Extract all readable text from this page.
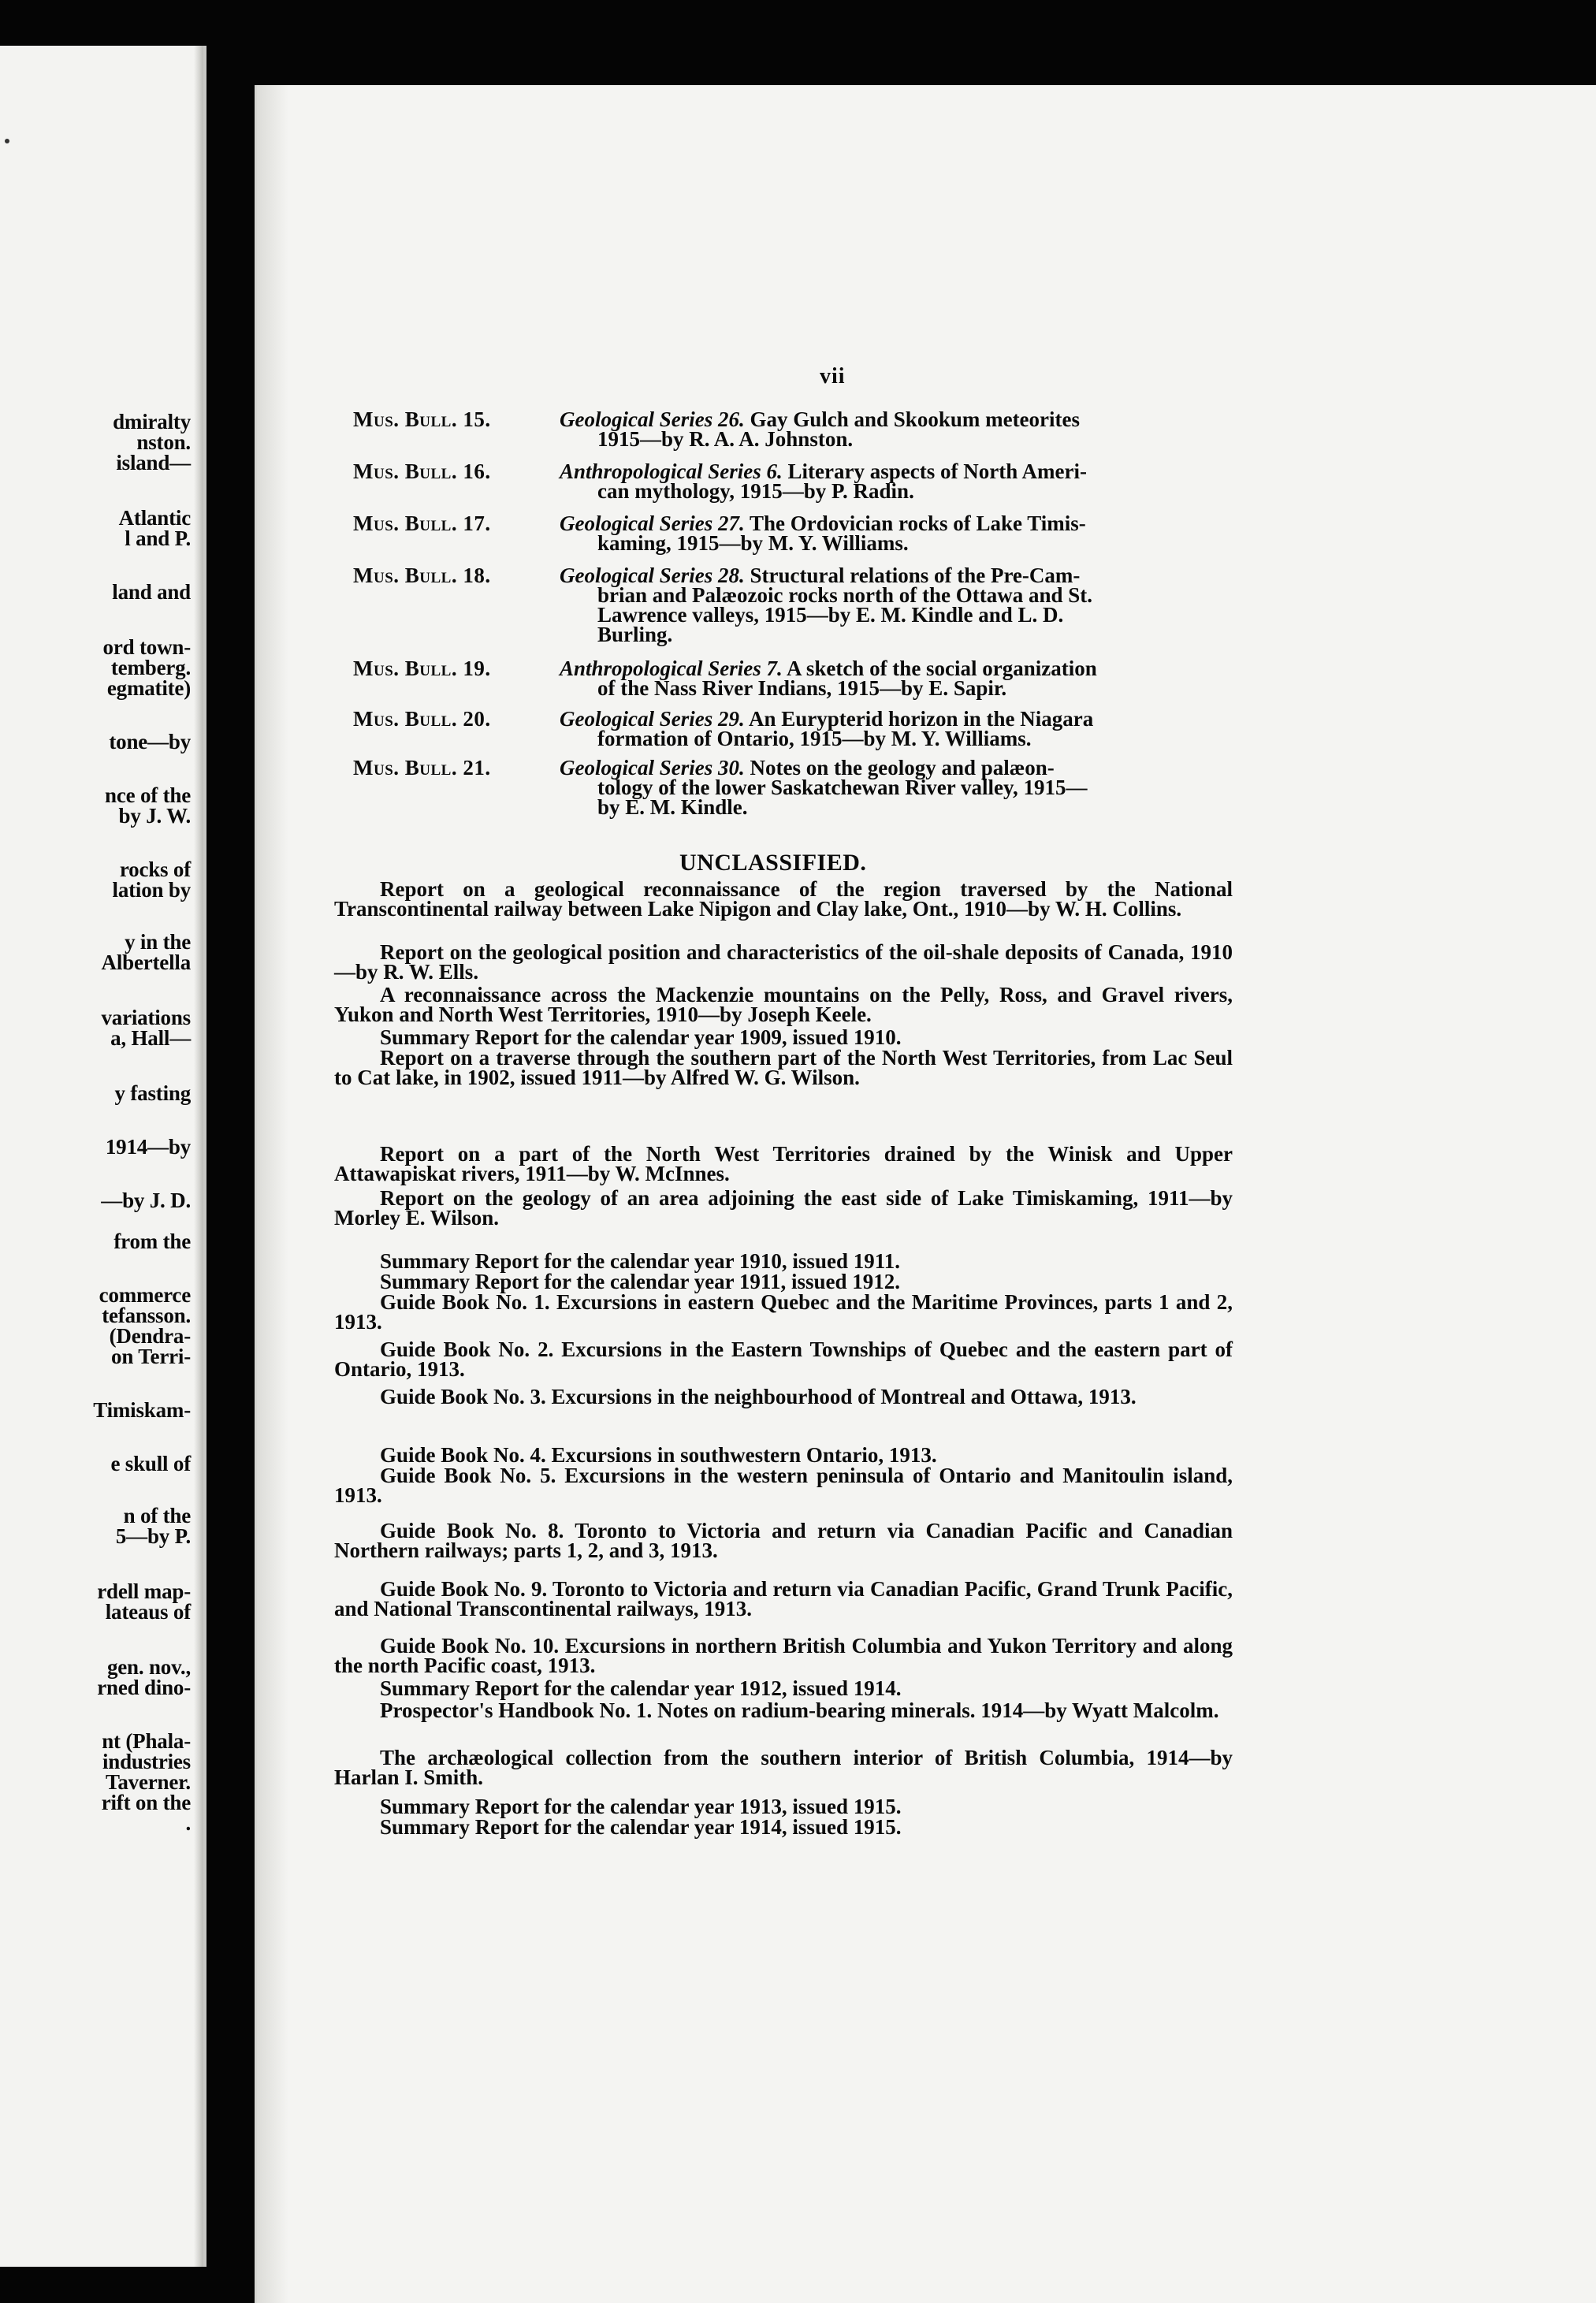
dmiralty
nston.
island—
Atlantic
l and P.
land and
ord town-
temberg.
egmatite)
tone—by
nce of the
by J. W.
rocks of
lation by
y in the
Albertella
variations
a, Hall—
y fasting
1914—by
—by J. D.
from the
commerce
tefansson.
(Dendra-
on Terri-
Timiskam-
e skull of
n of the
5—by P.
rdell map-
lateaus of
gen. nov.,
rned dino-
nt (Phala-
industries
Taverner.
rift on the
.
vii
Mus. Bull. 15.	Geological Series 26. Gay Gulch and Skookum meteorites
1915—by R. A. A. Johnston.
Mus. Bull. 16.	Anthropological Series 6. Literary aspects of North Ameri-
can mythology, 1915—by P. Radin.
Mus. Bull. 17.	Geological Series 27. The Ordovician rocks of Lake Timis-
kaming, 1915—by M. Y. Williams.
Mus. Bull. 18.	Geological Series 28. Structural relations of the Pre-Cam-
brian and Palæozoic rocks north of the Ottawa and St.
Lawrence valleys, 1915—by E. M. Kindle and L. D.
Burling.
Mus. Bull. 19.	Anthropological Series 7. A sketch of the social organization
of the Nass River Indians, 1915—by E. Sapir.
Mus. Bull. 20.	Geological Series 29. An Eurypterid horizon in the Niagara
formation of Ontario, 1915—by M. Y. Williams.
Mus. Bull. 21.	Geological Series 30. Notes on the geology and palæon-
tology of the lower Saskatchewan River valley, 1915—
by E. M. Kindle.
UNCLASSIFIED.
Report on a geological reconnaissance of the region traversed by the National Transcontinental railway between Lake Nipigon and Clay lake, Ont., 1910—by W. H. Collins.
Report on the geological position and characteristics of the oil-shale deposits of Canada, 1910—by R. W. Ells.
A reconnaissance across the Mackenzie mountains on the Pelly, Ross, and Gravel rivers, Yukon and North West Territories, 1910—by Joseph Keele.
Summary Report for the calendar year 1909, issued 1910.
Report on a traverse through the southern part of the North West Territories, from Lac Seul to Cat lake, in 1902, issued 1911—by Alfred W. G. Wilson.
Report on a part of the North West Territories drained by the Winisk and Upper Attawapiskat rivers, 1911—by W. McInnes.
Report on the geology of an area adjoining the east side of Lake Timiskaming, 1911—by Morley E. Wilson.
Summary Report for the calendar year 1910, issued 1911.
Summary Report for the calendar year 1911, issued 1912.
Guide Book No. 1. Excursions in eastern Quebec and the Maritime Provinces, parts 1 and 2, 1913.
Guide Book No. 2. Excursions in the Eastern Townships of Quebec and the eastern part of Ontario, 1913.
Guide Book No. 3. Excursions in the neighbourhood of Montreal and Ottawa, 1913.
Guide Book No. 4. Excursions in southwestern Ontario, 1913.
Guide Book No. 5. Excursions in the western peninsula of Ontario and Manitoulin island, 1913.
Guide Book No. 8. Toronto to Victoria and return via Canadian Pacific and Canadian Northern railways; parts 1, 2, and 3, 1913.
Guide Book No. 9. Toronto to Victoria and return via Canadian Pacific, Grand Trunk Pacific, and National Transcontinental railways, 1913.
Guide Book No. 10. Excursions in northern British Columbia and Yukon Territory and along the north Pacific coast, 1913.
Summary Report for the calendar year 1912, issued 1914.
Prospector's Handbook No. 1. Notes on radium-bearing minerals. 1914—by Wyatt Malcolm.
The archæological collection from the southern interior of British Columbia, 1914—by Harlan I. Smith.
Summary Report for the calendar year 1913, issued 1915.
Summary Report for the calendar year 1914, issued 1915.
